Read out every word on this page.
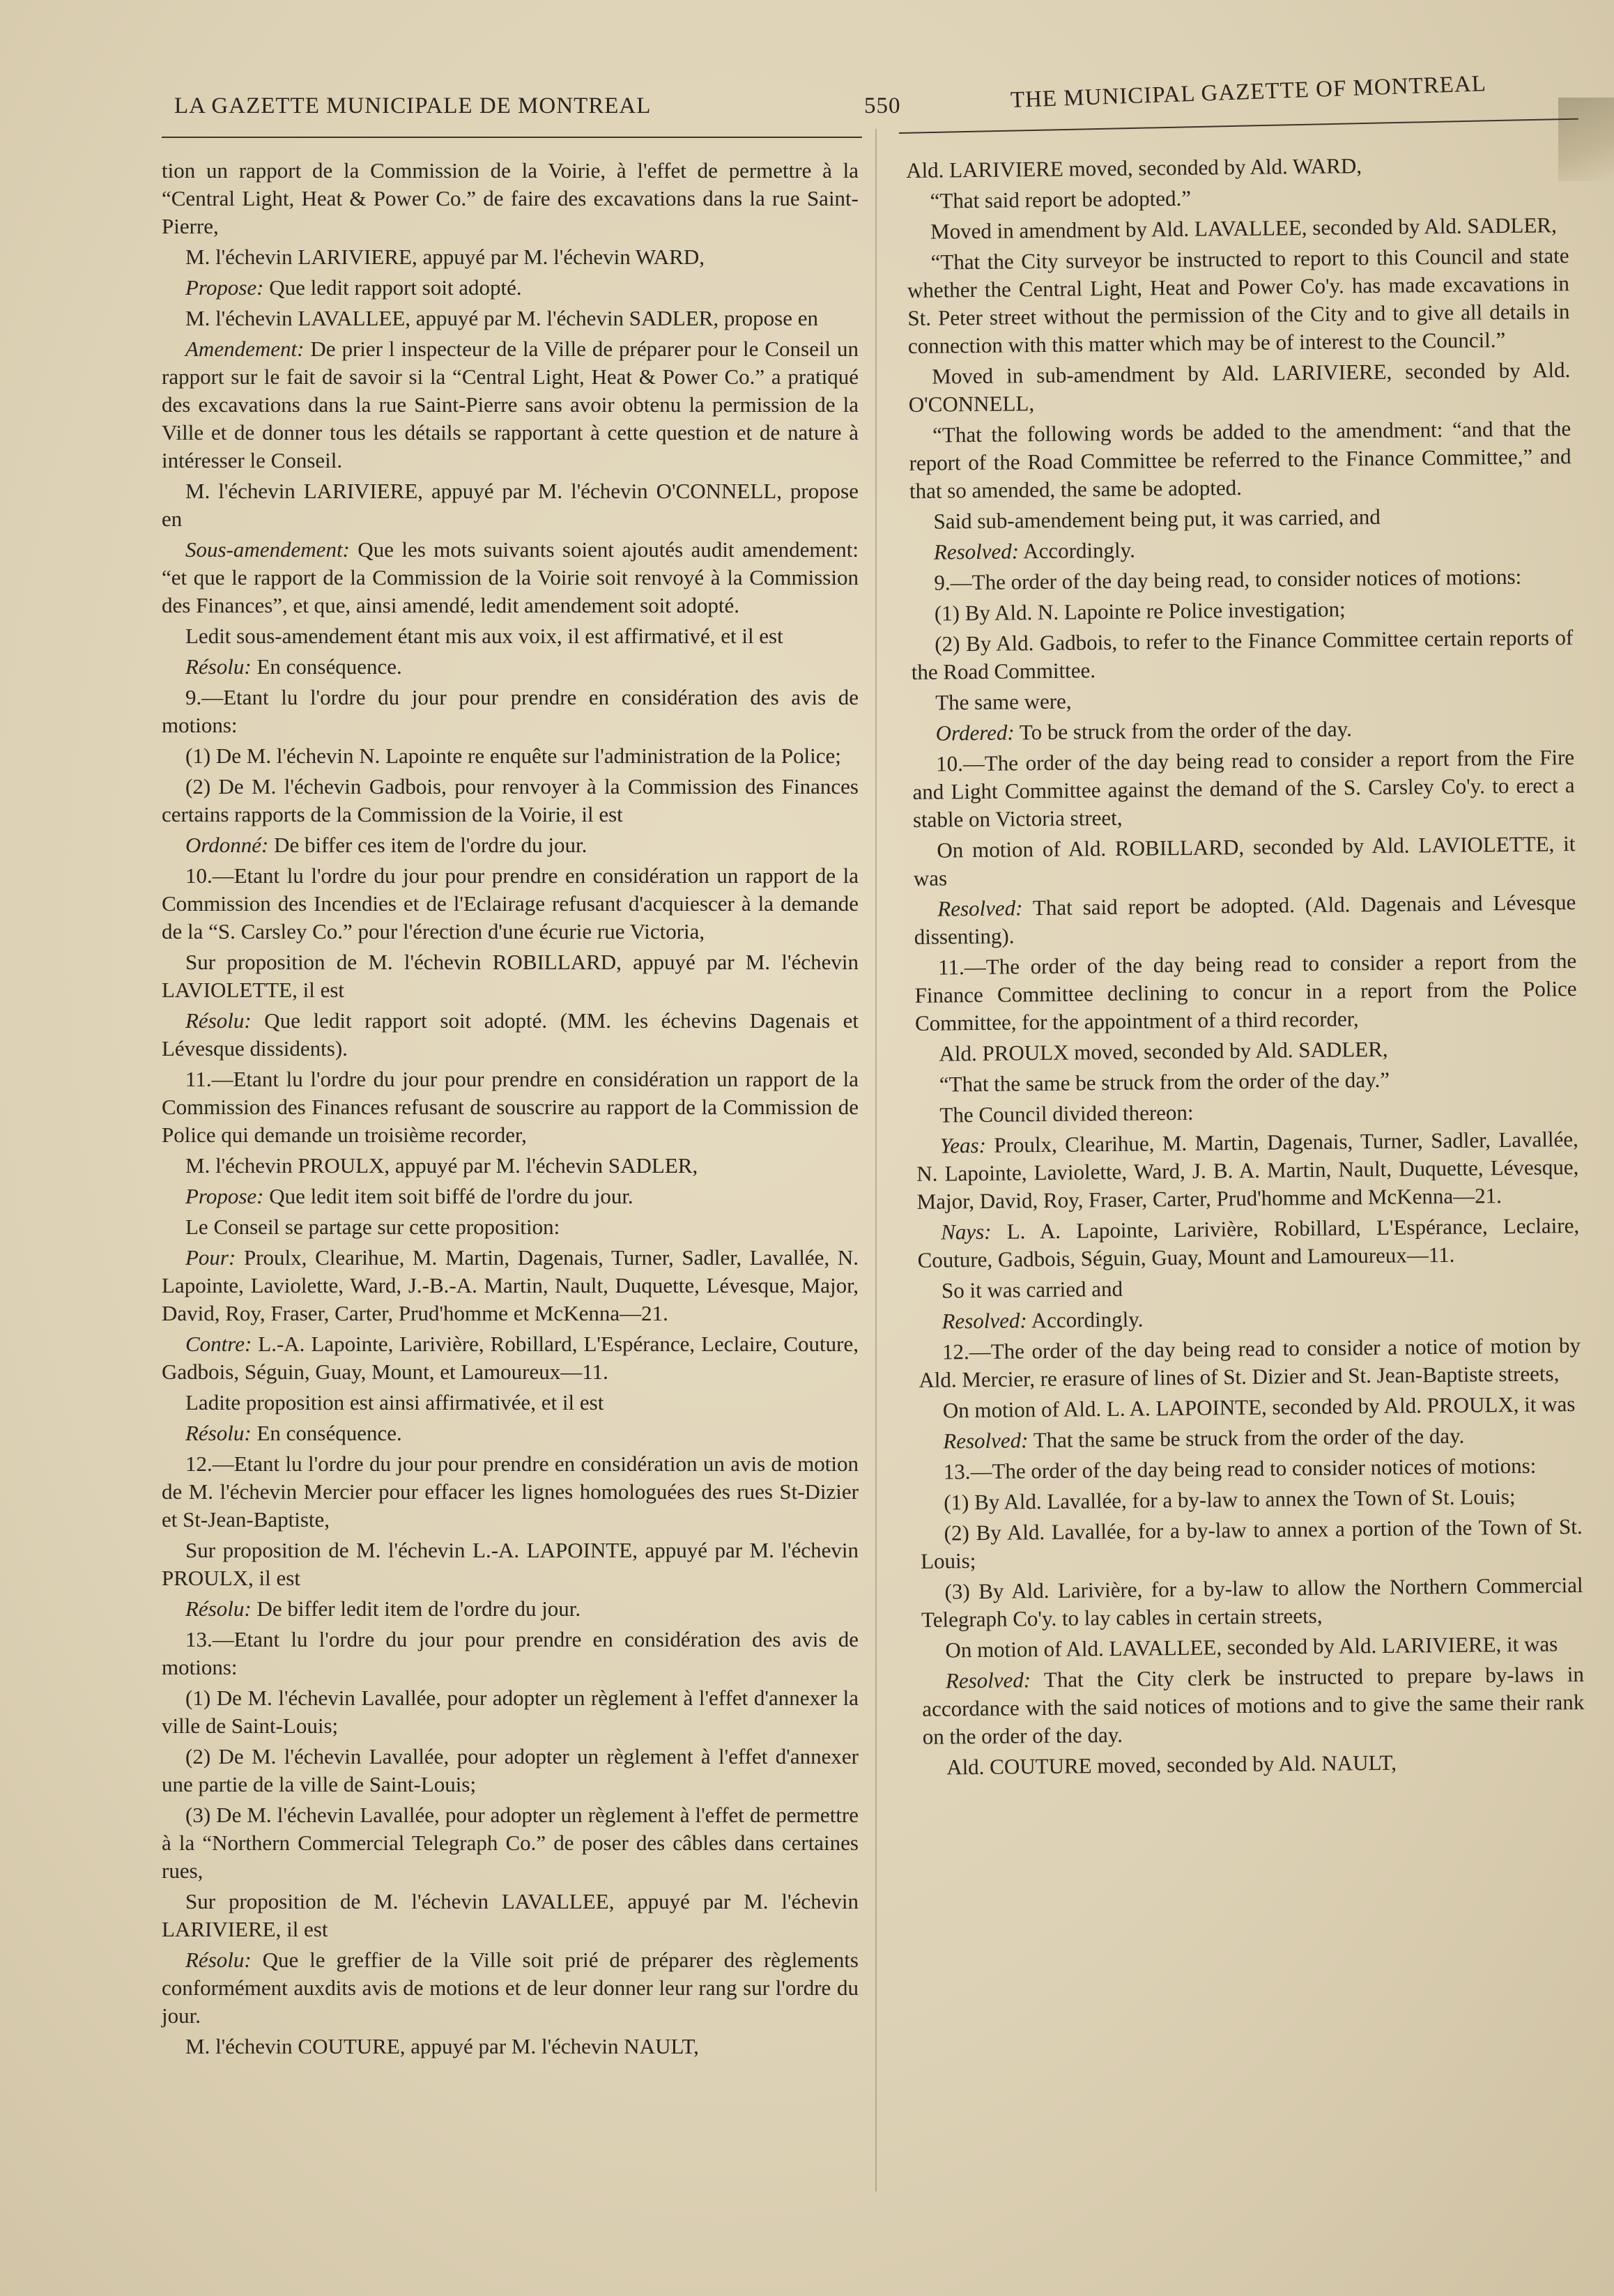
LA GAZETTE MUNICIPALE DE MONTREAL	550	THE MUNICIPAL GAZETTE OF MONTREAL

tion un rapport de la Commission de la Voirie, à l'effet de permettre à la “Central Light, Heat & Power Co.” de faire des excavations dans la rue Saint-Pierre,

M. l'échevin LARIVIERE, appuyé par M. l'échevin WARD,

Propose: Que ledit rapport soit adopté.

M. l'échevin LAVALLEE, appuyé par M. l'échevin SADLER, propose en

Amendement: De prier l inspecteur de la Ville de préparer pour le Conseil un rapport sur le fait de savoir si la “Central Light, Heat & Power Co.” a pratiqué des excavations dans la rue Saint-Pierre sans avoir obtenu la permission de la Ville et de donner tous les détails se rapportant à cette question et de nature à intéresser le Conseil.

M. l'échevin LARIVIERE, appuyé par M. l'échevin O'CONNELL, propose en

Sous-amendement: Que les mots suivants soient ajoutés audit amendement: “et que le rapport de la Commission de la Voirie soit renvoyé à la Commission des Finances”, et que, ainsi amendé, ledit amendement soit adopté.

Ledit sous-amendement étant mis aux voix, il est affirmativé, et il est

Résolu: En conséquence.

9.—Etant lu l'ordre du jour pour prendre en considération des avis de motions:

(1) De M. l'échevin N. Lapointe re enquête sur l'administration de la Police;

(2) De M. l'échevin Gadbois, pour renvoyer à la Commission des Finances certains rapports de la Commission de la Voirie, il est

Ordonné: De biffer ces item de l'ordre du jour.

10.—Etant lu l'ordre du jour pour prendre en considération un rapport de la Commission des Incendies et de l'Eclairage refusant d'acquiescer à la demande de la “S. Carsley Co.” pour l'érection d'une écurie rue Victoria,

Sur proposition de M. l'échevin ROBILLARD, appuyé par M. l'échevin LAVIOLETTE, il est

Résolu: Que ledit rapport soit adopté. (MM. les échevins Dagenais et Lévesque dissidents).

11.—Etant lu l'ordre du jour pour prendre en considération un rapport de la Commission des Finances refusant de souscrire au rapport de la Commission de Police qui demande un troisième recorder,

M. l'échevin PROULX, appuyé par M. l'échevin SADLER,

Propose: Que ledit item soit biffé de l'ordre du jour.

Le Conseil se partage sur cette proposition:

Pour: Proulx, Clearihue, M. Martin, Dagenais, Turner, Sadler, Lavallée, N. Lapointe, Laviolette, Ward, J.-B.-A. Martin, Nault, Duquette, Lévesque, Major, David, Roy, Fraser, Carter, Prud'homme et McKenna—21.

Contre: L.-A. Lapointe, Larivière, Robillard, L'Espérance, Leclaire, Couture, Gadbois, Séguin, Guay, Mount, et Lamoureux—11.

Ladite proposition est ainsi affirmativée, et il est

Résolu: En conséquence.

12.—Etant lu l'ordre du jour pour prendre en considération un avis de motion de M. l'échevin Mercier pour effacer les lignes homologuées des rues St-Dizier et St-Jean-Baptiste,

Sur proposition de M. l'échevin L.-A. LAPOINTE, appuyé par M. l'échevin PROULX, il est

Résolu: De biffer ledit item de l'ordre du jour.

13.—Etant lu l'ordre du jour pour prendre en considération des avis de motions:

(1) De M. l'échevin Lavallée, pour adopter un règlement à l'effet d'annexer la ville de Saint-Louis;

(2) De M. l'échevin Lavallée, pour adopter un règlement à l'effet d'annexer une partie de la ville de Saint-Louis;

(3) De M. l'échevin Lavallée, pour adopter un règlement à l'effet de permettre à la “Northern Commercial Telegraph Co.” de poser des câbles dans certaines rues,

Sur proposition de M. l'échevin LAVALLEE, appuyé par M. l'échevin LARIVIERE, il est

Résolu: Que le greffier de la Ville soit prié de préparer des règlements conformément auxdits avis de motions et de leur donner leur rang sur l'ordre du jour.

M. l'échevin COUTURE, appuyé par M. l'échevin NAULT,

Ald. LARIVIERE moved, seconded by Ald. WARD,

“That said report be adopted.”

Moved in amendment by Ald. LAVALLEE, seconded by Ald. SADLER,

“That the City surveyor be instructed to report to this Council and state whether the Central Light, Heat and Power Co'y. has made excavations in St. Peter street without the permission of the City and to give all details in connection with this matter which may be of interest to the Council.”

Moved in sub-amendment by Ald. LARIVIERE, seconded by Ald. O'CONNELL,

“That the following words be added to the amendment: “and that the report of the Road Committee be referred to the Finance Committee,” and that so amended, the same be adopted.

Said sub-amendement being put, it was carried, and

Resolved: Accordingly.

9.—The order of the day being read, to consider notices of motions:

(1) By Ald. N. Lapointe re Police investigation;

(2) By Ald. Gadbois, to refer to the Finance Committee certain reports of the Road Committee.

The same were,

Ordered: To be struck from the order of the day.

10.—The order of the day being read to consider a report from the Fire and Light Committee against the demand of the S. Carsley Co'y. to erect a stable on Victoria street,

On motion of Ald. ROBILLARD, seconded by Ald. LAVIOLETTE, it was

Resolved: That said report be adopted. (Ald. Dagenais and Lévesque dissenting).

11.—The order of the day being read to consider a report from the Finance Committee declining to concur in a report from the Police Committee, for the appointment of a third recorder,

Ald. PROULX moved, seconded by Ald. SADLER,

“That the same be struck from the order of the day.”

The Council divided thereon:

Yeas: Proulx, Clearihue, M. Martin, Dagenais, Turner, Sadler, Lavallée, N. Lapointe, Laviolette, Ward, J. B. A. Martin, Nault, Duquette, Lévesque, Major, David, Roy, Fraser, Carter, Prud'homme and McKenna—21.

Nays: L. A. Lapointe, Larivière, Robillard, L'Espérance, Leclaire, Couture, Gadbois, Séguin, Guay, Mount and Lamoureux—11.

So it was carried and

Resolved: Accordingly.

12.—The order of the day being read to consider a notice of motion by Ald. Mercier, re erasure of lines of St. Dizier and St. Jean-Baptiste streets,

On motion of Ald. L. A. LAPOINTE, seconded by Ald. PROULX, it was

Resolved: That the same be struck from the order of the day.

13.—The order of the day being read to consider notices of motions:

(1) By Ald. Lavallée, for a by-law to annex the Town of St. Louis;

(2) By Ald. Lavallée, for a by-law to annex a portion of the Town of St. Louis;

(3) By Ald. Larivière, for a by-law to allow the Northern Commercial Telegraph Co'y. to lay cables in certain streets,

On motion of Ald. LAVALLEE, seconded by Ald. LARIVIERE, it was

Resolved: That the City clerk be instructed to prepare by-laws in accordance with the said notices of motions and to give the same their rank on the order of the day.

Ald. COUTURE moved, seconded by Ald. NAULT,
